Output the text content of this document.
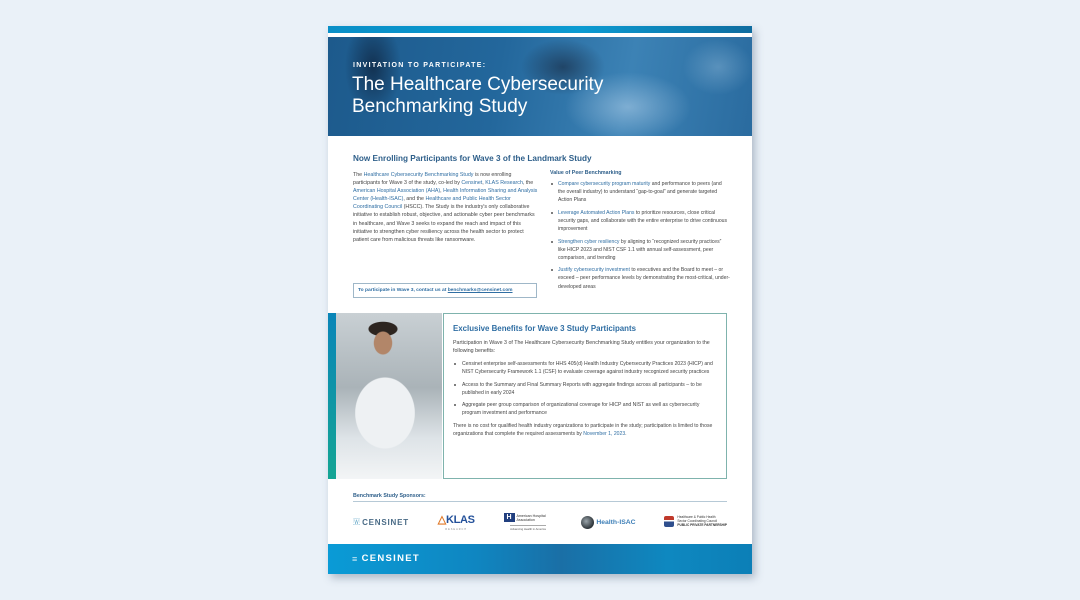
INVITATION TO PARTICIPATE:
The Healthcare Cybersecurity Benchmarking Study
Now Enrolling Participants for Wave 3 of the Landmark Study

The Healthcare Cybersecurity Benchmarking Study is now enrolling participants for Wave 3 of the study, co-led by Censinet, KLAS Research, the American Hospital Association (AHA), Health Information Sharing and Analysis Center (Health-ISAC), and the Healthcare and Public Health Sector Coordinating Council (HSCC). The Study is the industry's only collaborative initiative to establish robust, objective, and actionable cyber peer benchmarks in healthcare, and Wave 3 seeks to expand the reach and impact of this initiative to strengthen cyber resiliency across the health sector to protect patient care from malicious threats like ransomware.

To participate in Wave 3, contact us at benchmarks@censinet.com
Value of Peer Benchmarking
Compare cybersecurity program maturity and performance to peers (and the overall industry) to understand “gap-to-goal” and generate targeted Action Plans
Leverage Automated Action Plans to prioritize resources, close critical security gaps, and collaborate with the entire enterprise to drive continuous improvement
Strengthen cyber resiliency by aligning to “recognized security practices” like HICP 2023 and NIST CSF 1.1 with annual self-assessment, peer comparison, and trending
Justify cybersecurity investment to executives and the Board to meet – or exceed – peer performance levels by demonstrating the most-critical, under-developed areas
Exclusive Benefits for Wave 3 Study Participants

Participation in Wave 3 of The Healthcare Cybersecurity Benchmarking Study entitles your organization to the following benefits:

Censinet enterprise self-assessments for HHS 405(d) Health Industry Cybersecurity Practices 2023 (HICP) and NIST Cybersecurity Framework 1.1 (CSF) to evaluate coverage against industry recognized security practices
Access to the Summary and Final Summary Reports with aggregate findings across all participants – to be published in early 2024
Aggregate peer group comparison of organizational coverage for HICP and NIST as well as cybersecurity program investment and performance

There is no cost for qualified health industry organizations to participate in the study; participation is limited to those organizations that complete the required assessments by November 1, 2023.

Benchmark Study Sponsors:
🇼︎ CENSINET	△KLAS
RESEARCH
H	American Hospital Association
Advancing Health in America
Health-ISAC
Healthcare & Public Health
Sector Coordinating Council
PUBLIC PRIVATE PARTNERSHIP
≡ CENSINET
